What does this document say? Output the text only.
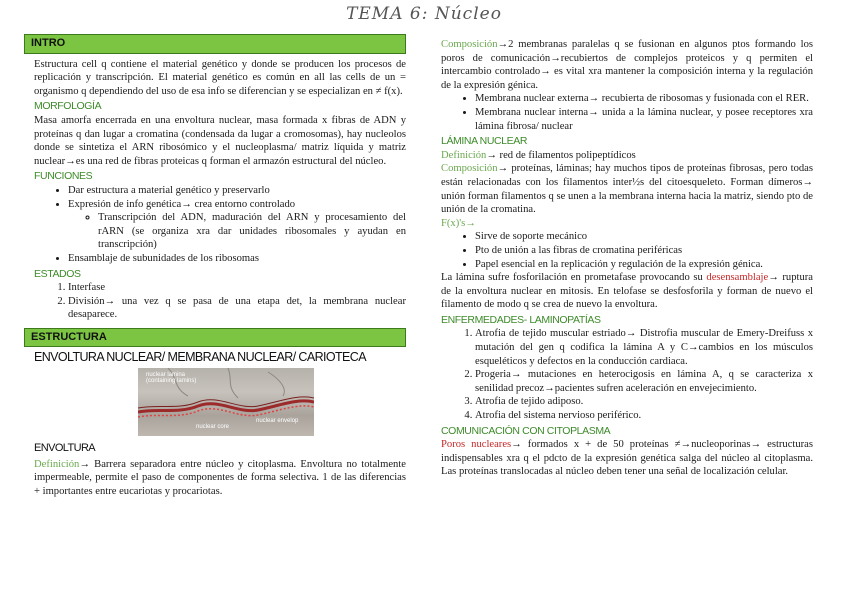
TEMA 6: Núcleo
INTRO

Estructura cell q contiene el material genético y donde se producen los procesos de replicación y transcripción. El material genético es común en all las cells de un = organismo q dependiendo del uso de esa info se diferencian y se especializan en ≠ f(x).

MORFOLOGÍA

Masa amorfa encerrada en una envoltura nuclear, masa formada x fibras de ADN y proteínas q dan lugar a cromatina (condensada da lugar a cromosomas), hay nucleolos donde se sintetiza el ARN ribosómico y el nucleoplasma/ matriz líquida y matriz nuclear→es una red de fibras proteicas q forman el armazón estructural del núcleo.

FUNCIONES
• Dar estructura a material genético y preservarlo
• Expresión de info genética→ crea entorno controlado
◦ Transcripción del ADN, maduración del ARN y procesamiento del rARN (se organiza xra dar unidades ribosomales y ayudan en transcripción)
• Ensamblaje de subunidades de los ribosomas
ESTADOS
1. Interfase
2. División→ una vez q se pasa de una etapa det, la membrana nuclear desaparece.
ESTRUCTURA
ENVOLTURA NUCLEAR/ MEMBRANA NUCLEAR/ CARIOTECA
nuclear lamina (containing lamins)
nuclear core
nuclear envelop
ENVOLTURA

Definición→ Barrera separadora entre núcleo y citoplasma. Envoltura no totalmente impermeable, permite el paso de componentes de forma selectiva. 1 de las diferencias + importantes entre eucariotas y procariotas.

Composición→2 membranas paralelas q se fusionan en algunos ptos formando los poros de comunicación→recubiertos de complejos proteicos y q permiten el intercambio controlado→ es vital xra mantener la composición interna y la regulación de la expresión génica.

• Membrana nuclear externa→ recubierta de ribosomas y fusionada con el RER.
• Membrana nuclear interna→ unida a la lámina nuclear, y posee receptores xra lámina fibrosa/ nuclear
LÁMINA NUCLEAR

Definición→ red de filamentos polipeptídicos

Composición→ proteínas, láminas; hay muchos tipos de proteínas fibrosas, pero todas están relacionadas con los filamentos inter½s del citoesqueleto. Forman dímeros→ unión forman filamentos q se unen a la membrana interna hacia la matriz, siendo pto de unión de la cromatina.

F(x)'s→

• Sirve de soporte mecánico
• Pto de unión a las fibras de cromatina periféricas
• Papel esencial en la replicación y regulación de la expresión génica.

La lámina sufre fosforilación en prometafase provocando su desensamblaje→ ruptura de la envoltura nuclear en mitosis. En telofase se desfosforila y forman de nuevo el filamento de modo q se crea de nuevo la envoltura.

ENFERMEDADES- LAMINOPATÍAS
1. Atrofia de tejido muscular estriado→ Distrofia muscular de Emery-Dreifuss x mutación del gen q codifica la lámina A y C→cambios en los músculos esqueléticos y defectos en la conducción cardiaca.
2. Progeria→ mutaciones en heterocigosis en lámina A, q se caracteriza x senilidad precoz→pacientes sufren aceleración en envejecimiento.
3. Atrofia de tejido adiposo.
4. Atrofia del sistema nervioso periférico.
COMUNICACIÓN CON CITOPLASMA

Poros nucleares→ formados x + de 50 proteínas ≠→nucleoporinas→ estructuras indispensables xra q el pdcto de la expresión genética salga del núcleo al citoplasma. Las proteínas translocadas al núcleo deben tener una señal de localización celular.
